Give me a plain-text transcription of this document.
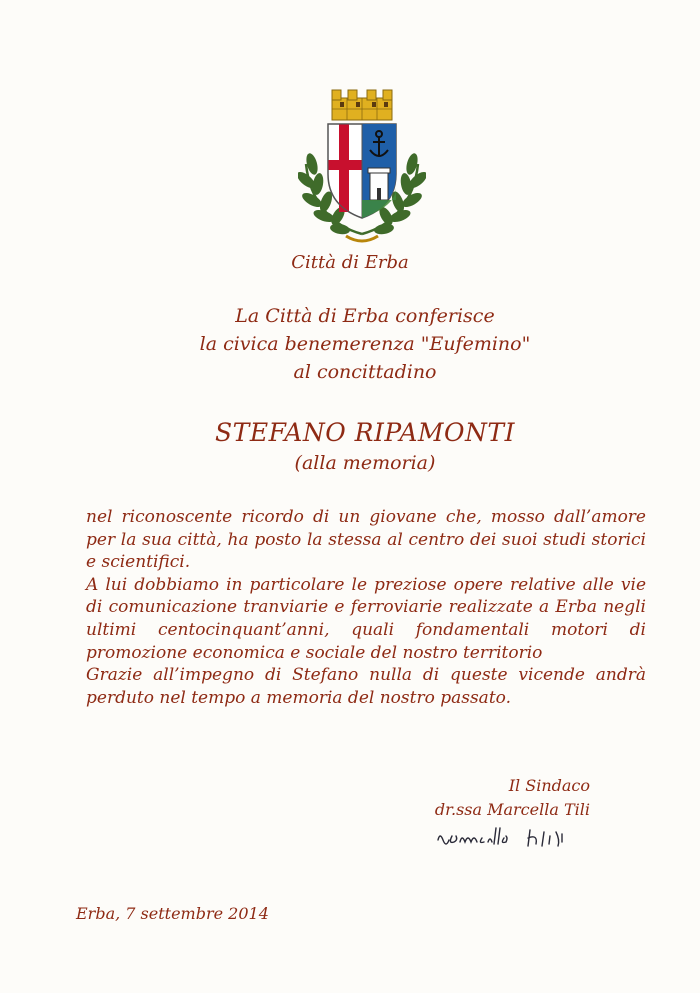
Città di Erba
La Città di Erba conferisce
la civica benemerenza "Eufemino"
al concittadino
STEFANO RIPAMONTI
(alla memoria)

nel riconoscente ricordo di un giovane che, mosso dall’amore

per la sua città, ha posto la stessa al centro dei suoi studi storici

e scientifici.

A lui dobbiamo in particolare le preziose opere relative alle vie

di comunicazione tranviarie e ferroviarie realizzate a Erba negli

ultimi centocinquant’anni, quali fondamentali motori di

promozione economica e sociale del nostro territorio

Grazie all’impegno di Stefano nulla di queste vicende andrà

perduto nel tempo a memoria del nostro passato.

Il Sindaco
dr.ssa Marcella Tili
Erba, 7 settembre 2014
